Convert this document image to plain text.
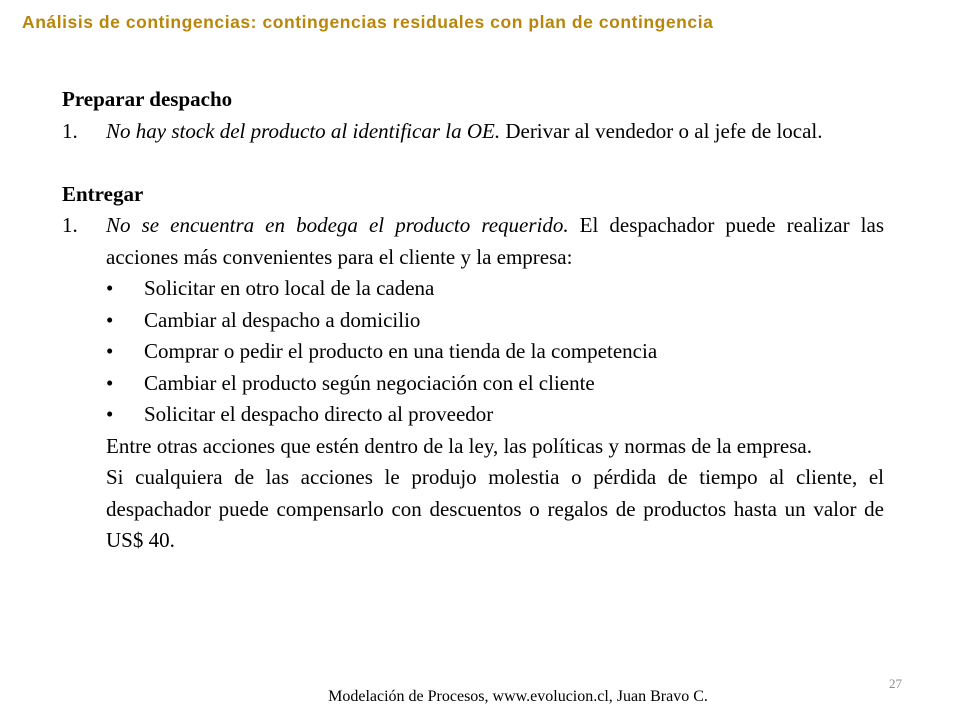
Análisis de contingencias: contingencias residuales con plan de contingencia
Preparar despacho
1.	No hay stock del producto al identificar la OE. Derivar al vendedor o al jefe de local.
Entregar
1.	No se encuentra en bodega el producto requerido. El despachador puede realizar las acciones más convenientes para el cliente y la empresa:
•	Solicitar en otro local de la cadena
•	Cambiar al despacho a domicilio
•	Comprar o pedir el producto en una tienda de la competencia
•	Cambiar el producto según negociación con el cliente
•	Solicitar el despacho directo al proveedor
Entre otras acciones que estén dentro de la ley, las políticas y normas de la empresa.
Si cualquiera de las acciones le produjo molestia o pérdida de tiempo al cliente, el despachador puede compensarlo con descuentos o regalos de productos hasta un valor de US$ 40.
27
Modelación de Procesos, www.evolucion.cl, Juan Bravo C.
